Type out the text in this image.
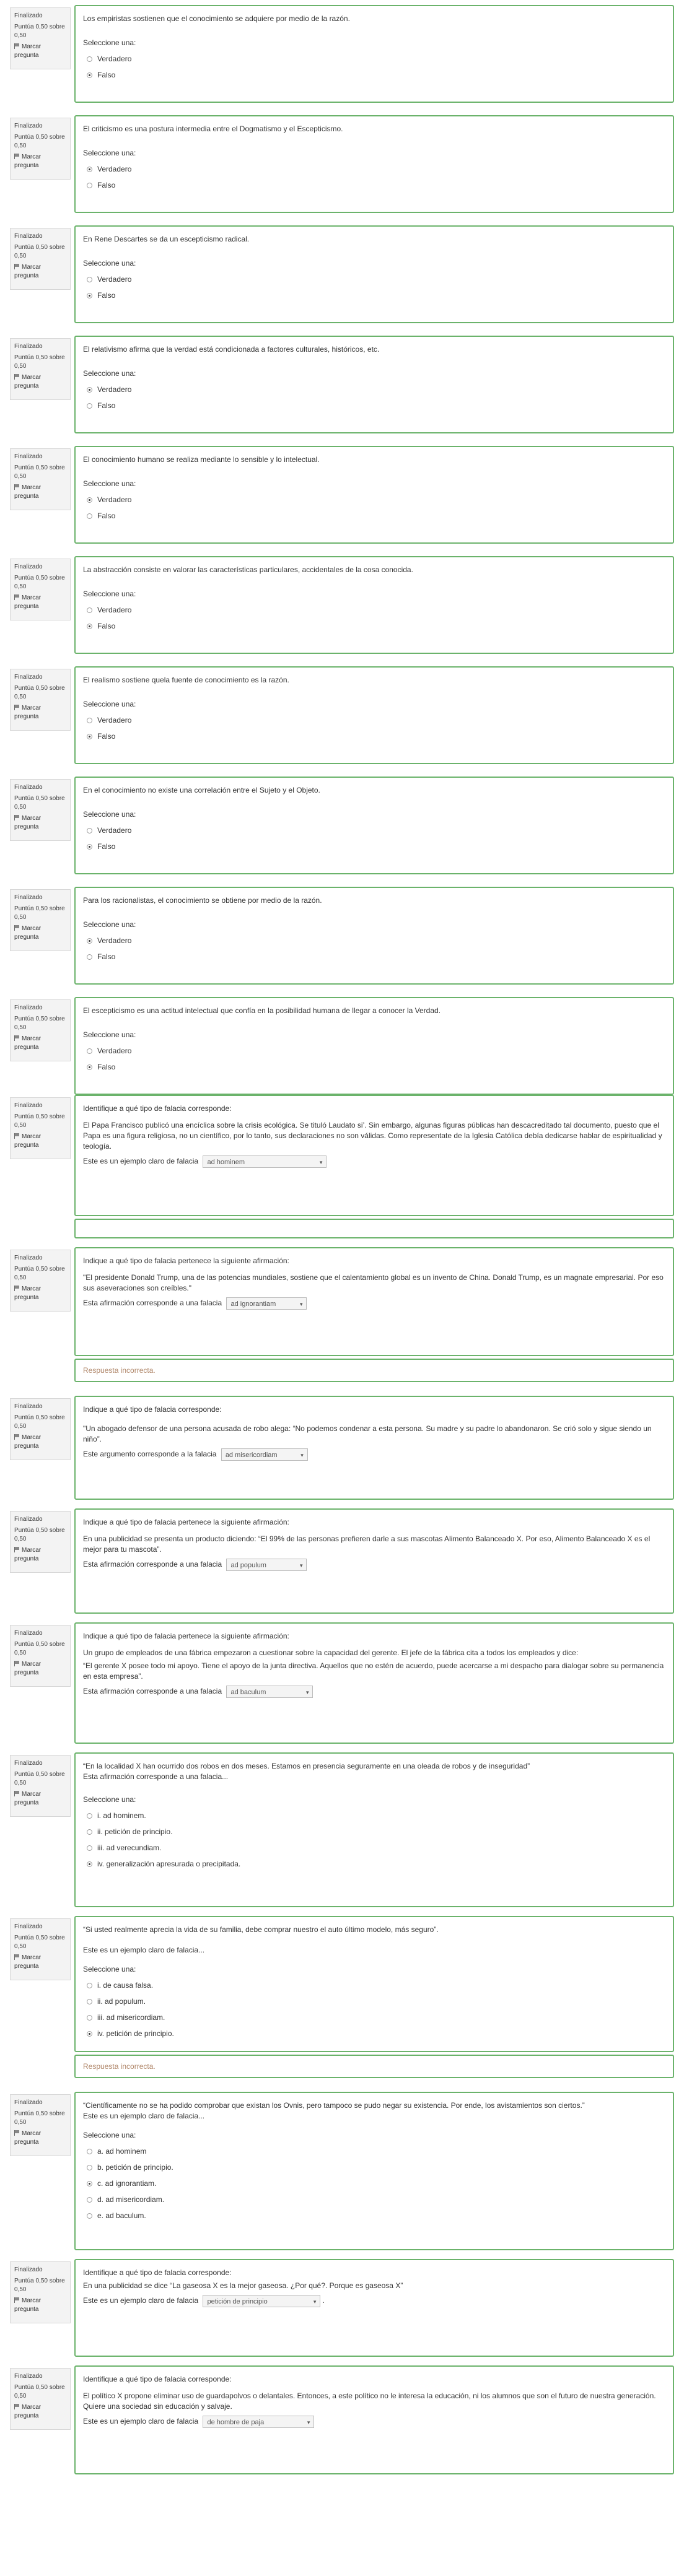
Finalizado
Puntúa 0,50 sobre 0,50
Marcar pregunta

Los empiristas sostienen que el conocimiento se adquiere por medio de la razón.

Seleccione una:
Verdadero
Falso
Finalizado
Puntúa 0,50 sobre 0,50
Marcar pregunta

El criticismo es una postura intermedia entre el Dogmatismo y el Escepticismo.

Seleccione una:
Verdadero
Falso
Finalizado
Puntúa 0,50 sobre 0,50
Marcar pregunta

En Rene Descartes se da un escepticismo radical.

Seleccione una:
Verdadero
Falso
Finalizado
Puntúa 0,50 sobre 0,50
Marcar pregunta

El relativismo afirma que la verdad está condicionada a factores culturales, históricos, etc.

Seleccione una:
Verdadero
Falso
Finalizado
Puntúa 0,50 sobre 0,50
Marcar pregunta

El conocimiento humano se realiza mediante lo sensible y lo intelectual.

Seleccione una:
Verdadero
Falso
Finalizado
Puntúa 0,50 sobre 0,50
Marcar pregunta

La abstracción consiste en valorar las características particulares, accidentales de la cosa conocida.

Seleccione una:
Verdadero
Falso
Finalizado
Puntúa 0,50 sobre 0,50
Marcar pregunta

El realismo sostiene quela fuente de conocimiento es la razón.

Seleccione una:
Verdadero
Falso
Finalizado
Puntúa 0,50 sobre 0,50
Marcar pregunta

En el conocimiento no existe una correlación entre el Sujeto y el Objeto.

Seleccione una:
Verdadero
Falso
Finalizado
Puntúa 0,50 sobre 0,50
Marcar pregunta

Para los racionalistas, el conocimiento se obtiene por medio de la razón.

Seleccione una:
Verdadero
Falso
Finalizado
Puntúa 0,50 sobre 0,50
Marcar pregunta

El escepticismo es una actitud intelectual que confía en la posibilidad humana de llegar a conocer la Verdad.

Seleccione una:
Verdadero
Falso
Finalizado
Puntúa 0,50 sobre 0,50
Marcar pregunta

Identifique a qué tipo de falacia corresponde:

El Papa Francisco publicó una encíclica sobre la crisis ecológica. Se tituló Laudato si’. Sin embargo, algunas figuras públicas han descacreditado tal documento, puesto que el Papa es una figura religiosa, no un científico, por lo tanto, sus declaraciones no son válidas. Como representate de la Iglesia Católica debía dedicarse hablar de espiritualidad y teología.

Este es un ejemplo claro de falacia ad hominem	▾
Finalizado
Puntúa 0,50 sobre 0,50
Marcar pregunta

Indique a qué tipo de falacia pertenece la siguiente afirmación:

"El presidente Donald Trump, una de las potencias mundiales, sostiene que el calentamiento global es un invento de China. Donald Trump, es un magnate empresarial. Por eso sus aseveraciones son creíbles."

Esta afirmación corresponde a una falacia ad ignorantiam	▾
Respuesta incorrecta.
Finalizado
Puntúa 0,50 sobre 0,50
Marcar pregunta

Indique a qué tipo de falacia corresponde:

"Un abogado defensor de una persona acusada de robo alega: “No podemos condenar a esta persona. Su madre y su padre lo abandonaron. Se crió solo y sigue siendo un niño”.

Este argumento corresponde a la falacia ad misericordiam	▾
Finalizado
Puntúa 0,50 sobre 0,50
Marcar pregunta

Indique a qué tipo de falacia pertenece la siguiente afirmación:

En una publicidad se presenta un producto diciendo: “El 99% de las personas prefieren darle a sus mascotas Alimento Balanceado X. Por eso, Alimento Balanceado X es el mejor para tu mascota”.

Esta afirmación corresponde a una falacia ad populum	▾
Finalizado
Puntúa 0,50 sobre 0,50
Marcar pregunta

Indique a qué tipo de falacia pertenece la siguiente afirmación:

Un grupo de empleados de una fábrica empezaron a cuestionar sobre la capacidad del gerente. El jefe de la fábrica cita a todos los empleados y dice:

“El gerente X posee todo mi apoyo. Tiene el apoyo de la junta directiva. Aquellos que no estén de acuerdo, puede acercarse a mi despacho para dialogar sobre su permanencia en esta empresa”.

Esta afirmación corresponde a una falacia ad baculum	▾
Finalizado
Puntúa 0,50 sobre 0,50
Marcar pregunta

“En la localidad X han ocurrido dos robos en dos meses. Estamos en presencia seguramente en una oleada de robos y de inseguridad”

Esta afirmación corresponde a una falacia...

Seleccione una:
i. ad hominem.
ii. petición de principio.
iii. ad verecundiam.
iv. generalización apresurada o precipitada.
Finalizado
Puntúa 0,50 sobre 0,50
Marcar pregunta

“Si usted realmente aprecia la vida de su familia, debe comprar nuestro el auto último modelo, más seguro”.

Este es un ejemplo claro de falacia...

Seleccione una:
i. de causa falsa.
ii. ad populum.
iii. ad misericordiam.
iv. petición de principio.
Respuesta incorrecta.
Finalizado
Puntúa 0,50 sobre 0,50
Marcar pregunta

“Científicamente no se ha podido comprobar que existan los Ovnis, pero tampoco se pudo negar su existencia. Por ende, los avistamientos son ciertos.”

Este es un ejemplo claro de falacia...

Seleccione una:
a. ad hominem
b. petición de principio.
c. ad ignorantiam.
d. ad misericordiam.
e. ad baculum.
Finalizado
Puntúa 0,50 sobre 0,50
Marcar pregunta

Identifique a qué tipo de falacia corresponde:

En una publicidad se dice “La gaseosa X es la mejor gaseosa. ¿Por qué?. Porque es gaseosa X”

Este es un ejemplo claro de falacia petición de principio	▾ .
Finalizado
Puntúa 0,50 sobre 0,50
Marcar pregunta

Identifique a qué tipo de falacia corresponde:

El político X propone eliminar uso de guardapolvos o delantales. Entonces, a este político no le interesa la educación, ni los alumnos que son el futuro de nuestra generación. Quiere una sociedad sin educación y salvaje.

Este es un ejemplo claro de falacia de hombre de paja	▾
